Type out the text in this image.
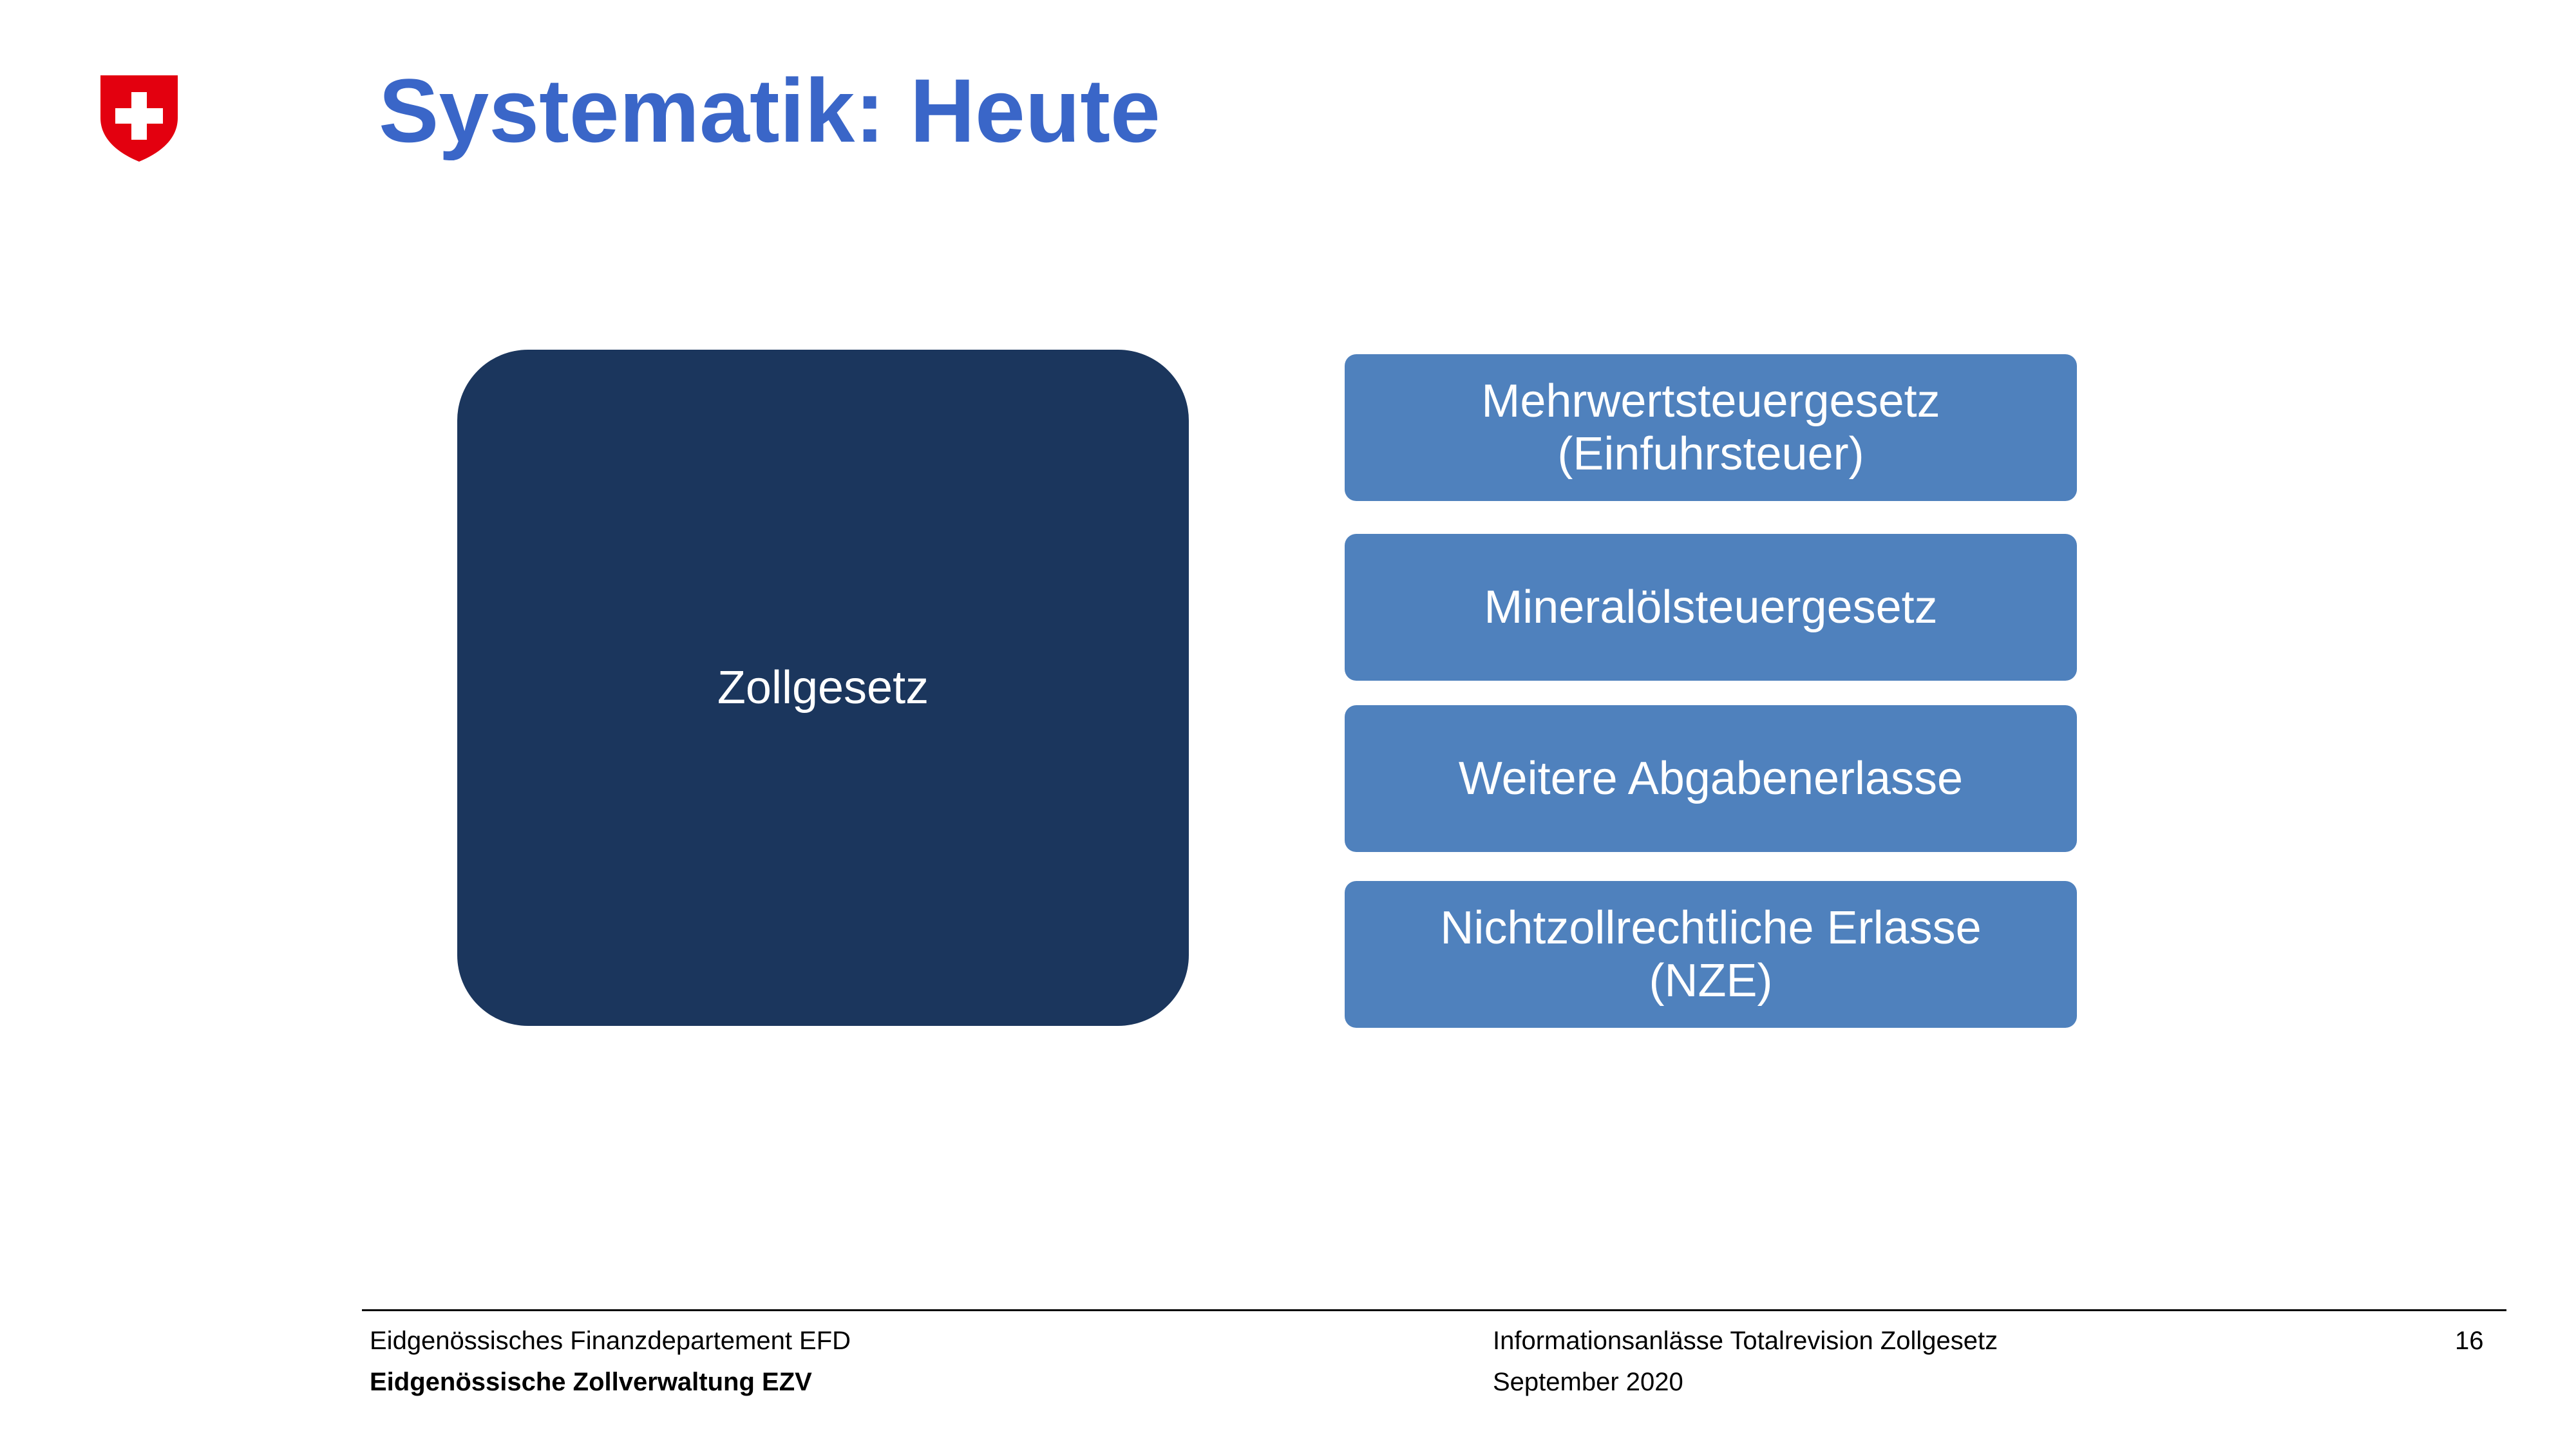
Systematik: Heute
Zollgesetz
Mehrwertsteuergesetz
(Einfuhrsteuer)
Mineralölsteuergesetz
Weitere Abgabenerlasse
Nichtzollrechtliche Erlasse
(NZE)
Eidgenössisches Finanzdepartement EFD
Eidgenössische Zollverwaltung EZV
Informationsanlässe Totalrevision Zollgesetz
September 2020
16
